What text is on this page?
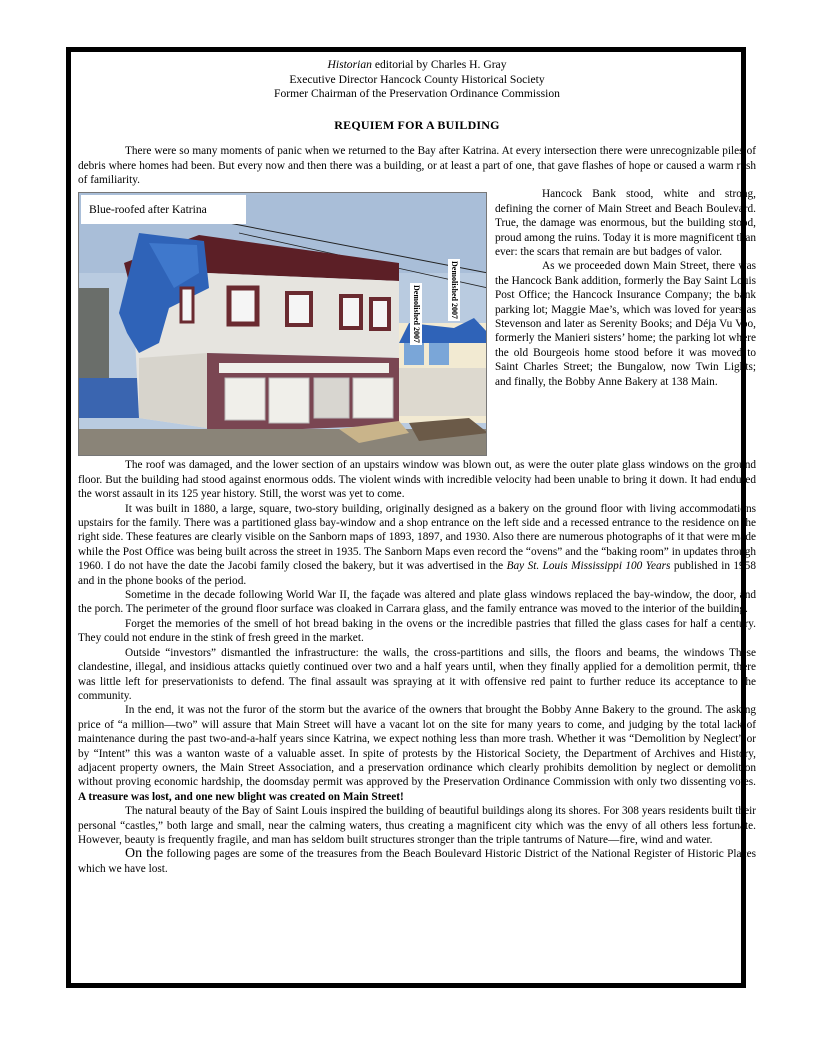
Historian editorial by Charles H. Gray
Executive Director Hancock County Historical Society
Former Chairman of the Preservation Ordinance Commission
REQUIEM FOR A BUILDING

There were so many moments of panic when we returned to the Bay after Katrina. At every intersection there were unrecognizable piles of debris where homes had been. But every now and then there was a building, or at least a part of one, that gave flashes of hope or caused a warm rush of familiarity.

Blue-roofed after Katrina
Demolished 2007
Demolished 2007

Hancock Bank stood, white and strong, defining the corner of Main Street and Beach Boulevard. True, the damage was enormous, but the building stood, proud among the ruins. Today it is more magnificent than ever: the scars that remain are but badges of valor.

As we proceeded down Main Street, there was the Hancock Bank addition, formerly the Bay Saint Louis Post Office; the Hancock Insurance Company; the bank parking lot; Maggie Mae’s, which was loved for years as Stevenson and later as Serenity Books; and Déja Vu Voo, formerly the Manieri sisters’ home; the parking lot where the old Bourgeois home stood before it was moved to Saint Charles Street; the Bungalow, now Twin Lights; and finally, the Bobby Anne Bakery at 138 Main.

The roof was damaged, and the lower section of an upstairs window was blown out, as were the outer plate glass windows on the ground floor. But the building had stood against enormous odds. The violent winds with incredible velocity had been unable to bring it down. It had endured the worst assault in its 125 year history. Still, the worst was yet to come.

It was built in 1880, a large, square, two-story building, originally designed as a bakery on the ground floor with living accommodations upstairs for the family. There was a partitioned glass bay-window and a shop entrance on the left side and a recessed entrance to the residence on the right side. These features are clearly visible on the Sanborn maps of 1893, 1897, and 1930. Also there are numerous photographs of it that were made while the Post Office was being built across the street in 1935. The Sanborn Maps even record the “ovens” and the “baking room” in updates through 1960. I do not have the date the Jacobi family closed the bakery, but it was advertised in the Bay St. Louis Mississippi 100 Years published in 1958 and in the phone books of the period.

Sometime in the decade following World War II, the façade was altered and plate glass windows replaced the bay-window, the door, and the porch. The perimeter of the ground floor surface was cloaked in Carrara glass, and the family entrance was moved to the interior of the building.

Forget the memories of the smell of hot bread baking in the ovens or the incredible pastries that filled the glass cases for half a century. They could not endure in the stink of fresh greed in the market.

Outside “investors” dismantled the infrastructure: the walls, the cross-partitions and sills, the floors and beams, the windows These clandestine, illegal, and insidious attacks quietly continued over two and a half years until, when they finally applied for a demolition permit, there was little left for preservationists to defend. The final assault was spraying at it with offensive red paint to further reduce its acceptance to the community.

In the end, it was not the furor of the storm but the avarice of the owners that brought the Bobby Anne Bakery to the ground. The asking price of “a million—two” will assure that Main Street will have a vacant lot on the site for many years to come, and judging by the total lack of maintenance during the past two-and-a-half years since Katrina, we expect nothing less than more trash. Whether it was “Demolition by Neglect” or by “Intent” this was a wanton waste of a valuable asset. In spite of protests by the Historical Society, the Department of Archives and History, adjacent property owners, the Main Street Association, and a preservation ordinance which clearly prohibits demolition by neglect or demolition without proving economic hardship, the doomsday permit was approved by the Preservation Ordinance Commission with only two dissenting votes. A treasure was lost, and one new blight was created on Main Street!

The natural beauty of the Bay of Saint Louis inspired the building of beautiful buildings along its shores. For 308 years residents built their personal “castles,” both large and small, near the calming waters, thus creating a magnificent city which was the envy of all others less fortunate. However, beauty is frequently fragile, and man has seldom built structures stronger than the triple tantrums of Nature—fire, wind and water.

On the following pages are some of the treasures from the Beach Boulevard Historic District of the National Register of Historic Places which we have lost.
